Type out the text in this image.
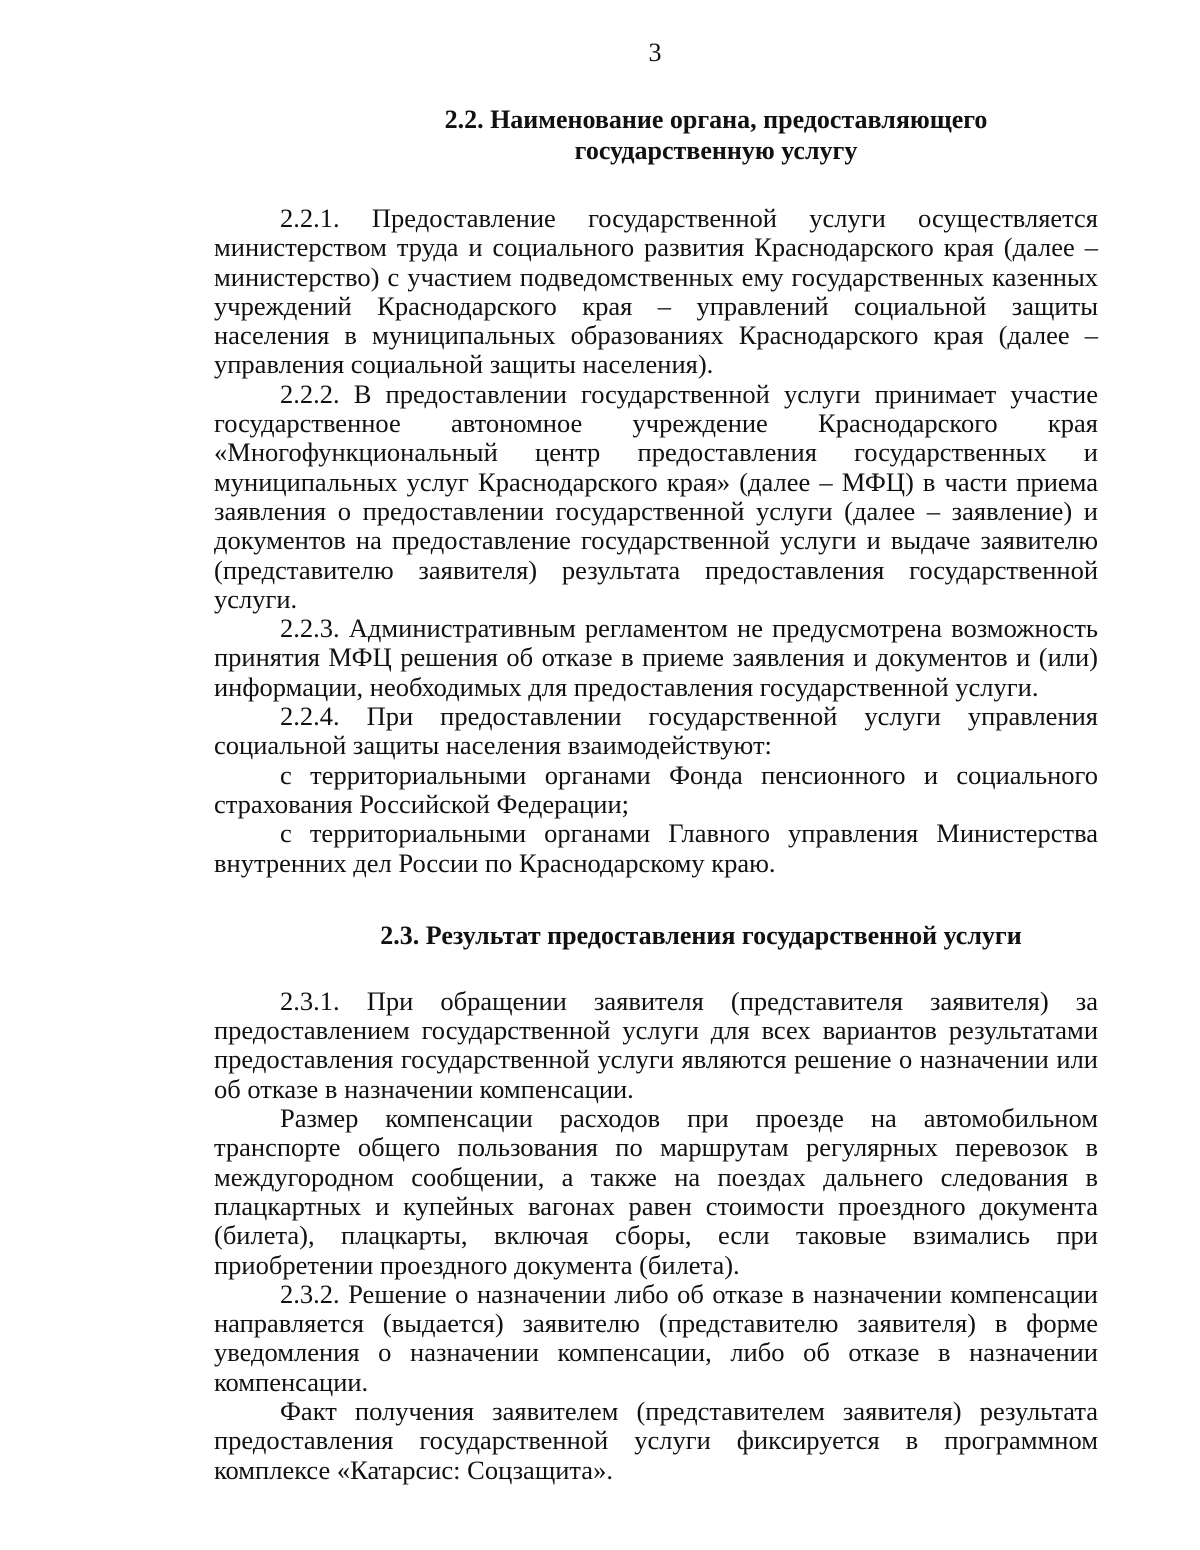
3
2.2. Наименование органа, предоставляющего
государственную услугу

2.2.1. Предоставление государственной услуги осуществляется министерством труда и социального развития Краснодарского края (далее – министерство) с участием подведомственных ему государственных казенных учреждений Краснодарского края – управлений социальной защиты населения в муниципальных образованиях Краснодарского края (далее – управления социальной защиты населения).

2.2.2. В предоставлении государственной услуги принимает участие государственное автономное учреждение Краснодарского края «Многофункциональный центр предоставления государственных и муниципальных услуг Краснодарского края» (далее – МФЦ) в части приема заявления о предоставлении государственной услуги (далее – заявление) и документов на предоставление государственной услуги и выдаче заявителю (представителю заявителя) результата предоставления государственной услуги.

2.2.3. Административным регламентом не предусмотрена возможность принятия МФЦ решения об отказе в приеме заявления и документов и (или) информации, необходимых для предоставления государственной услуги.

2.2.4. При предоставлении государственной услуги управления социальной защиты населения взаимодействуют:

с территориальными органами Фонда пенсионного и социального страхования Российской Федерации;

с территориальными органами Главного управления Министерства внутренних дел России по Краснодарскому краю.

2.3. Результат предоставления государственной услуги

2.3.1. При обращении заявителя (представителя заявителя) за предоставлением государственной услуги для всех вариантов результатами предоставления государственной услуги являются решение о назначении или об отказе в назначении компенсации.

Размер компенсации расходов при проезде на автомобильном транспорте общего пользования по маршрутам регулярных перевозок в междугородном сообщении, а также на поездах дальнего следования в плацкартных и купейных вагонах равен стоимости проездного документа (билета), плацкарты, включая сборы, если таковые взимались при приобретении проездного документа (билета).

2.3.2. Решение о назначении либо об отказе в назначении компенсации направляется (выдается) заявителю (представителю заявителя) в форме уведомления о назначении компенсации, либо об отказе в назначении компенсации.

Факт получения заявителем (представителем заявителя) результата предоставления государственной услуги фиксируется в программном комплексе «Катарсис: Соцзащита».
